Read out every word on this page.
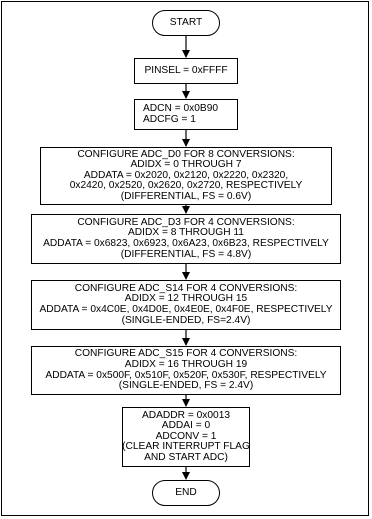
START
PINSEL = 0xFFFF
ADCN = 0x0B90
ADCFG = 1
CONFIGURE ADC_D0 FOR 8 CONVERSIONS:
ADIDX = 0 THROUGH 7
ADDATA = 0x2020, 0x2120, 0x2220, 0x2320,
0x2420, 0x2520, 0x2620, 0x2720, RESPECTIVELY
(DIFFERENTIAL, FS = 0.6V)
CONFIGURE ADC_D3 FOR 4 CONVERSIONS:
ADIDX = 8 THROUGH 11
ADDATA = 0x6823, 0x6923, 0x6A23, 0x6B23, RESPECTIVELY
(DIFFERENTIAL, FS = 4.8V)
CONFIGURE ADC_S14 FOR 4 CONVERSIONS:
ADIDX = 12 THROUGH 15
ADDATA = 0x4C0E, 0x4D0E, 0x4E0E, 0x4F0E, RESPECTIVELY
(SINGLE-ENDED, FS=2.4V)
CONFIGURE ADC_S15 FOR 4 CONVERSIONS:
ADIDX = 16 THROUGH 19
ADDATA = 0x500F, 0x510F, 0x520F, 0x530F, RESPECTIVELY
(SINGLE-ENDED, FS = 2.4V)
ADADDR = 0x0013
ADDAI = 0
ADCONV = 1
(CLEAR INTERRUPT FLAG
AND START ADC)
END
